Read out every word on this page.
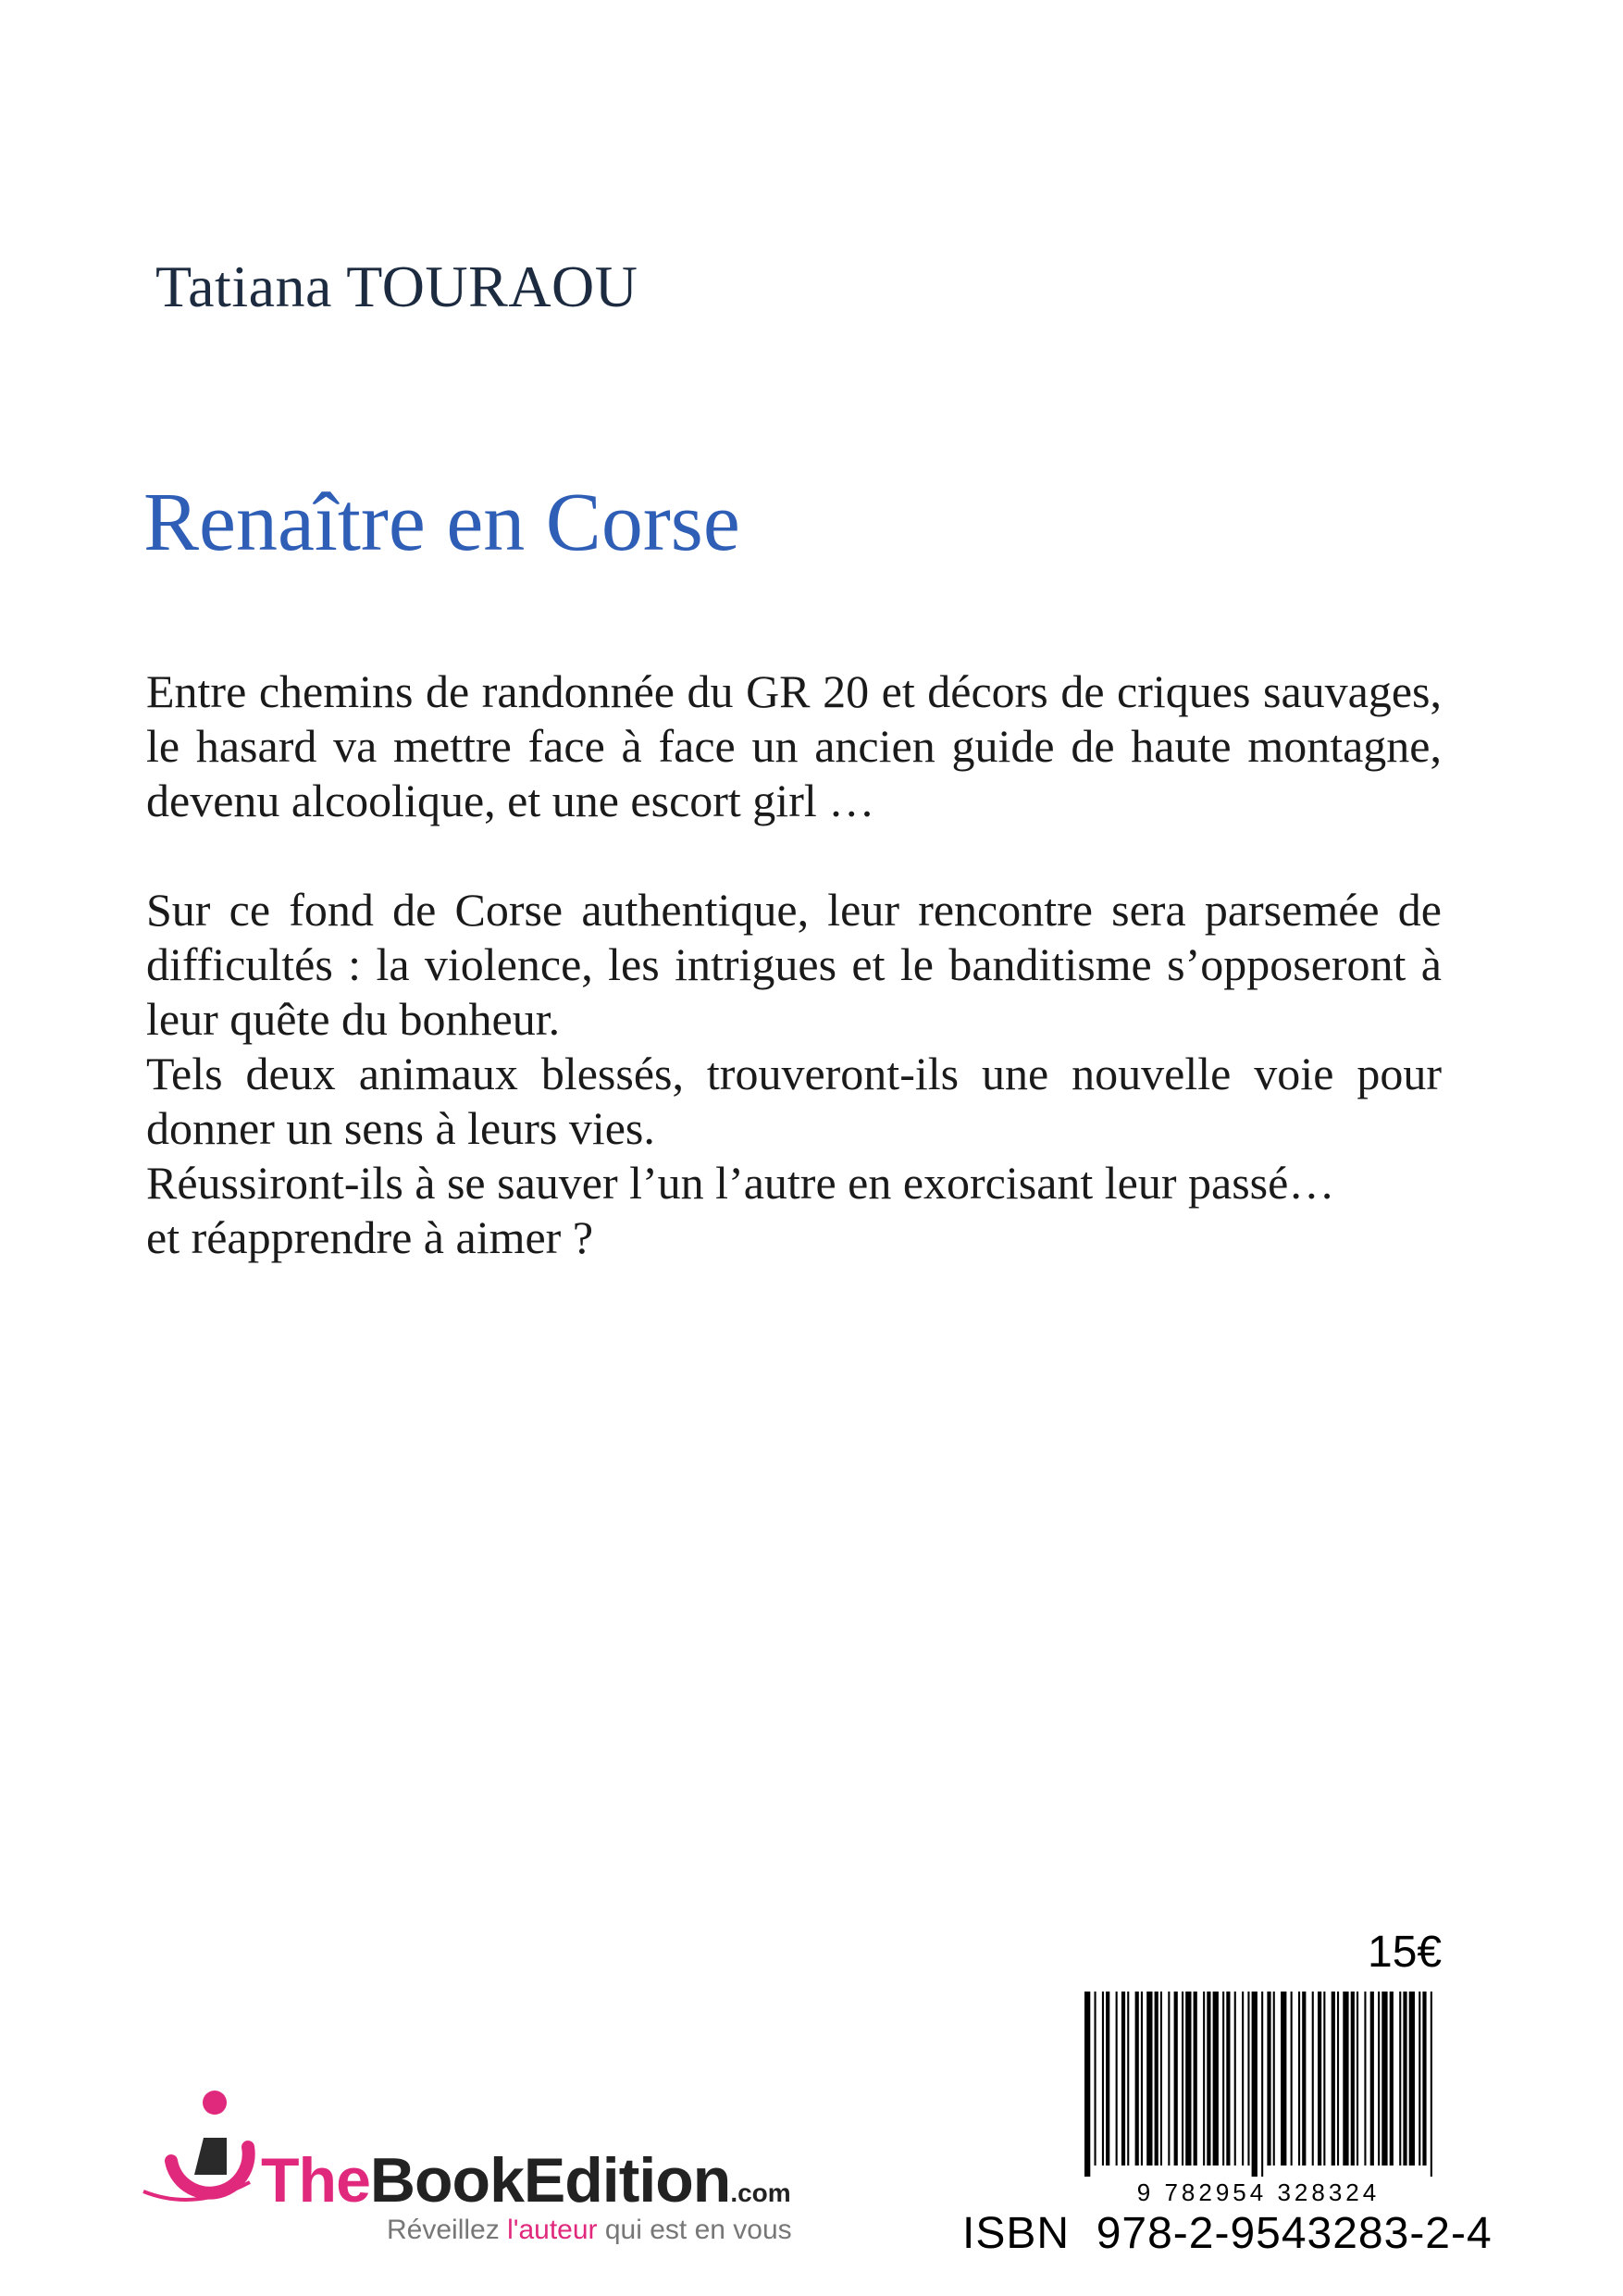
Tatiana TOURAOU
Renaître en Corse

Entre chemins de randonnée du GR 20 et décors de criques sauvages, le hasard va mettre face à face un ancien guide de haute montagne, devenu alcoolique, et une escort girl …

Sur ce fond de Corse authentique, leur rencontre sera parsemée de difficultés : la violence, les intrigues et le banditisme s’opposeront à leur quête du bonheur.

Tels deux animaux blessés, trouveront-ils une nouvelle voie pour donner un sens à leurs vies.

Réussiront-ils à se sauver l’un l’autre en exorcisant leur passé…

et réapprendre à aimer ?

TheBookEdition.com
Réveillez l'auteur qui est en vous
15€
9 782954 328324
ISBN  978-2-9543283-2-4
